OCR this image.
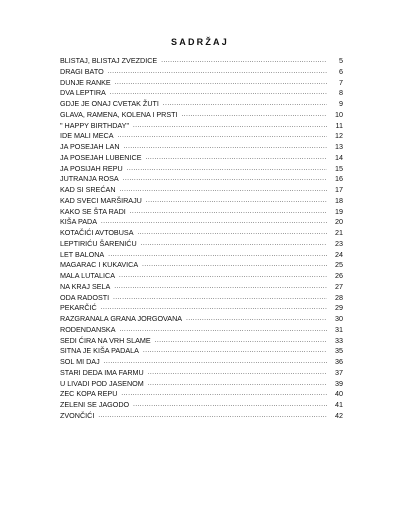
SADRŽAJ
BLISTAJ, BLISTAJ ZVEZDICE .....	5
DRAGI BATO .....	6
DUNJE RANKE .....	7
DVA LEPTIRA .....	8
GDJE JE ONAJ CVETAK ŽUTI .....	9
GLAVA, RAMENA, KOLENA I PRSTI .....	10
" HAPPY BIRTHDAY" .....	11
IDE MALI MECA .....	12
JA POSEJAH LAN .....	13
JA POSEJAH LUBENICE .....	14
JA POSIJAH REPU .....	15
JUTRANJA ROSA .....	16
KAD SI SREĆAN .....	17
KAD SVECI MARŠIRAJU .....	18
KAKO SE ŠTA RADI .....	19
KIŠA PADA .....	20
KOTAČIĆI AVTOBUSA .....	21
LEPTIRIĆU ŠARENIĆU .....	23
LET BALONA .....	24
MAGARAC I KUKAVICA .....	25
MALA LUTALICA .....	26
NA KRAJ SELA .....	27
ODA RADOSTI .....	28
PEKARČIĆ .....	29
RAZGRANALA GRANA JORGOVANA .....	30
RODENDANSKA .....	31
SEDI ĆIRA NA VRH SLAME .....	33
SITNA JE KIŠA PADALA .....	35
SOL MI DAJ .....	36
STARI DEDA IMA FARMU .....	37
U LIVADI POD JASENOM .....	39
ZEC KOPA REPU .....	40
ZELENI SE JAGODO .....	41
ZVONČIĆI .....	42
